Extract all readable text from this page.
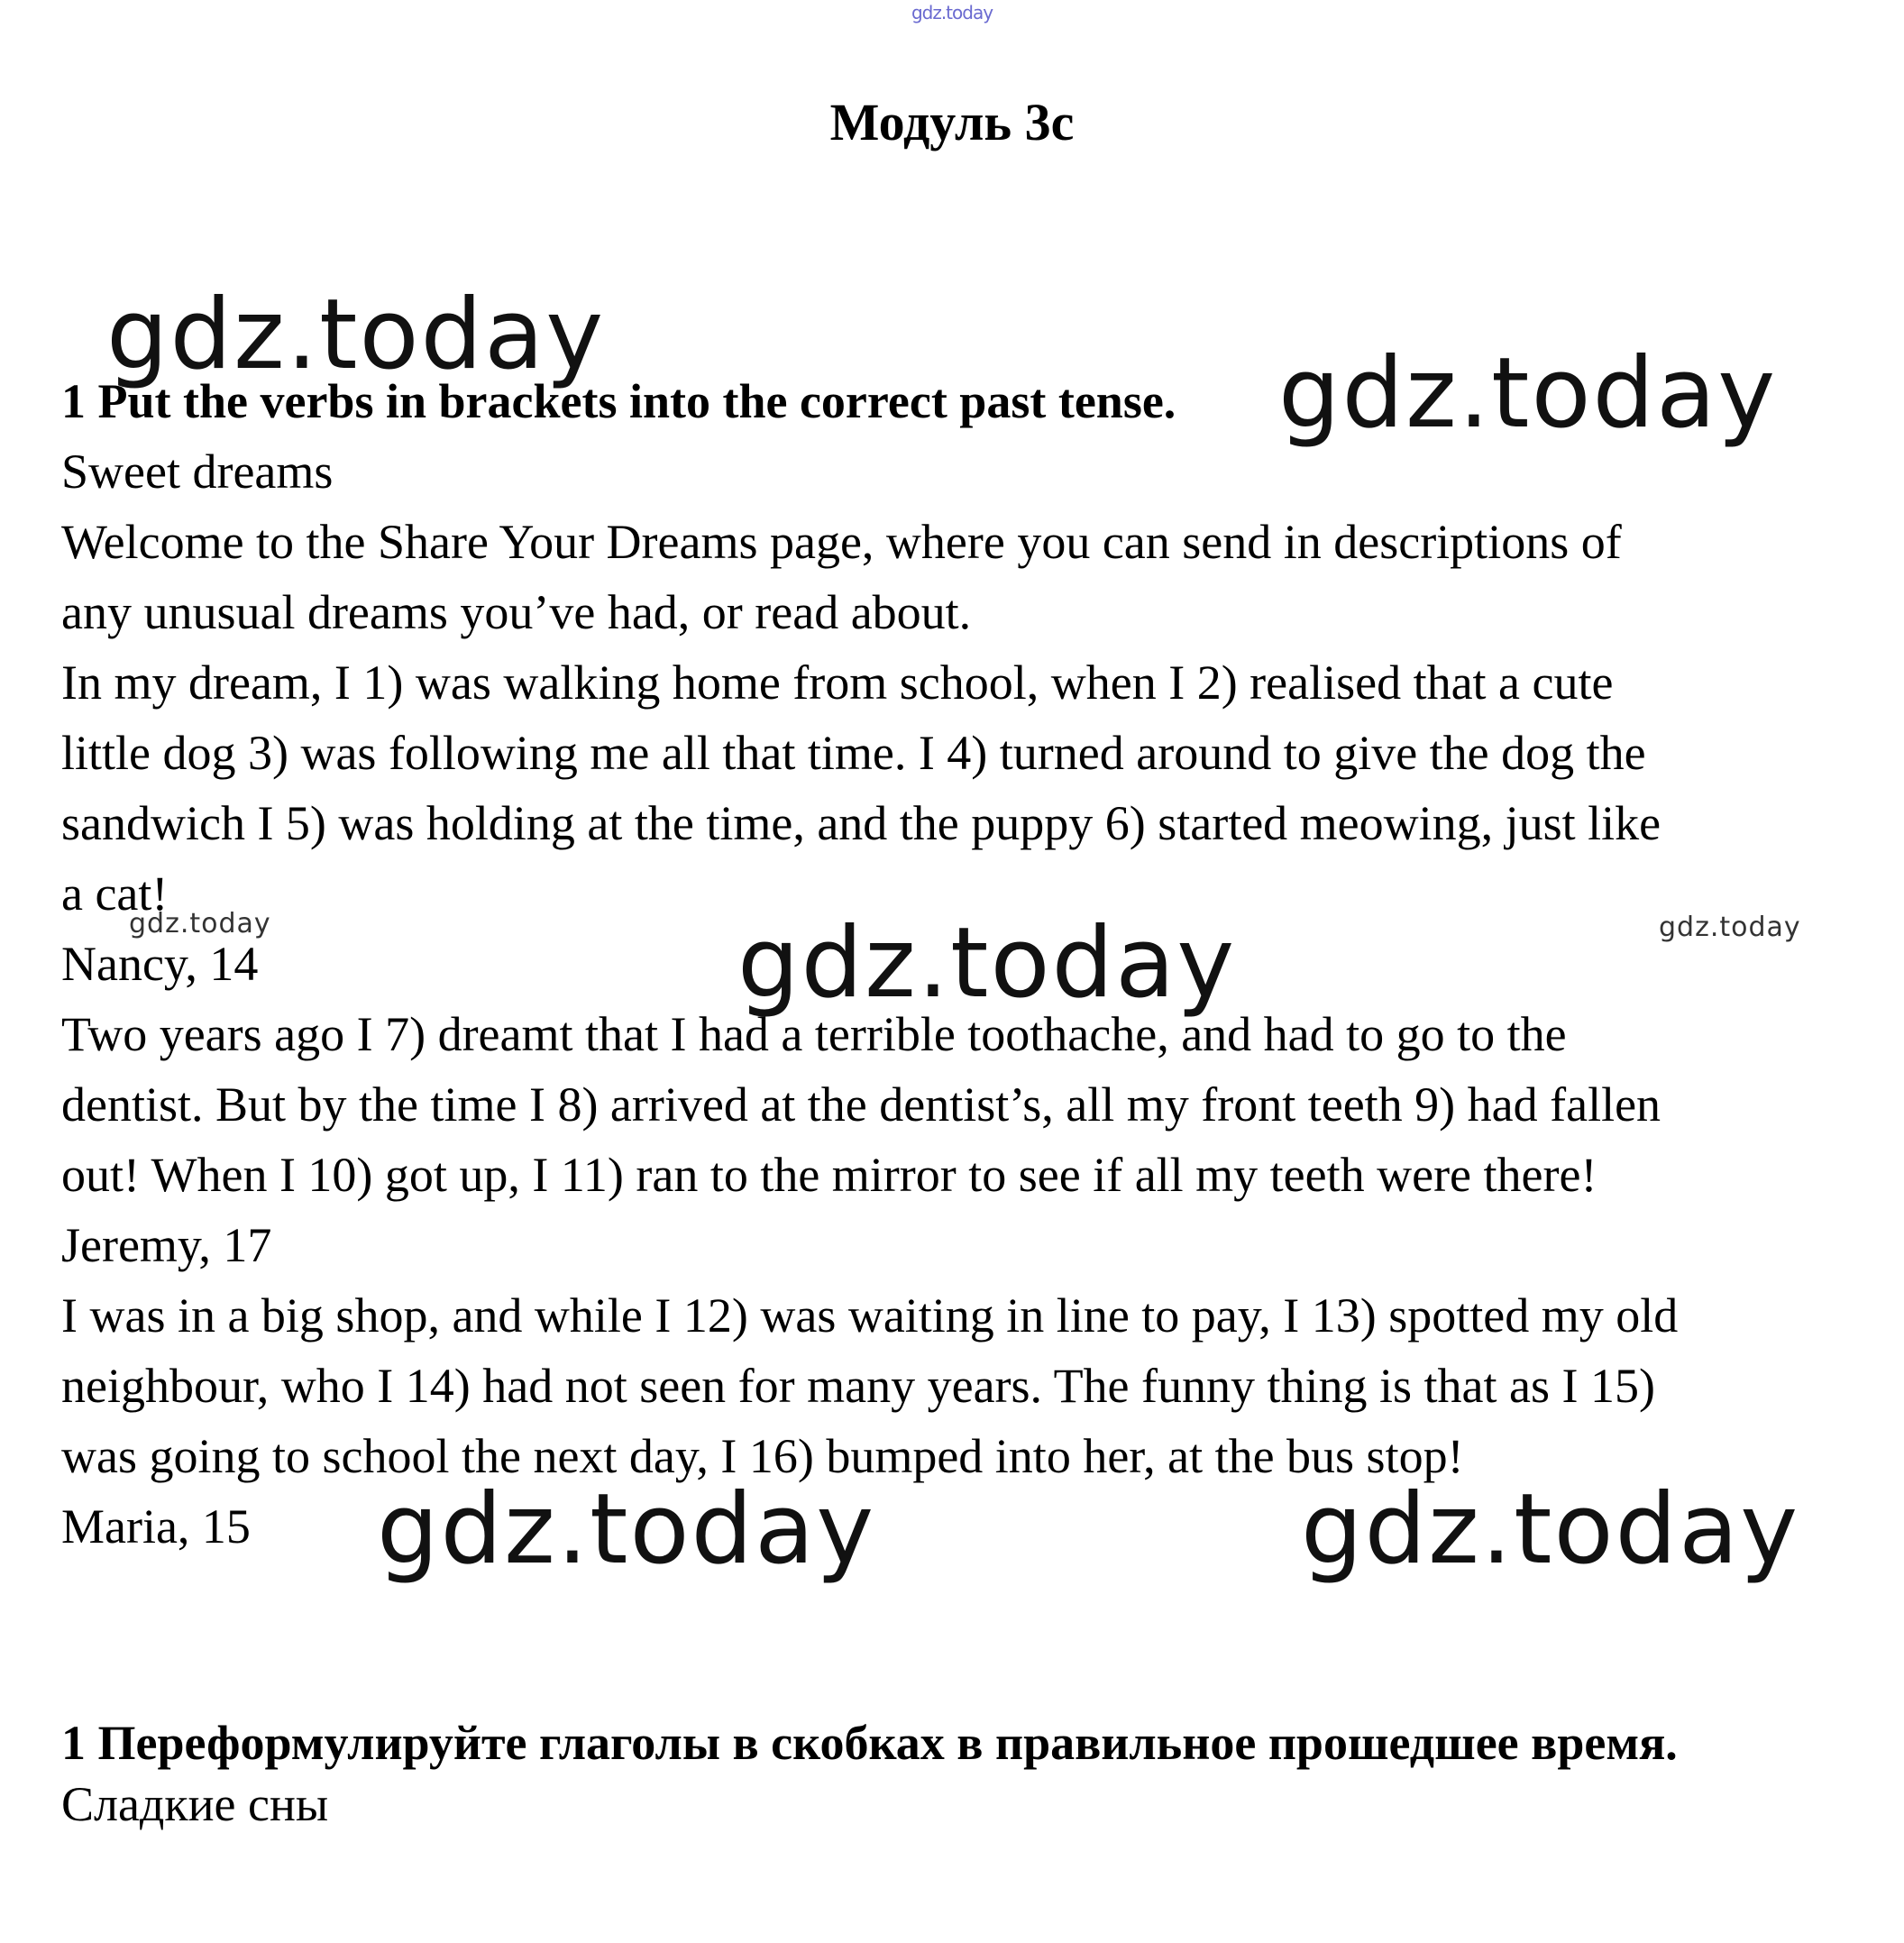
gdz.today
Модуль 3с
gdz.today
1 Put the verbs in brackets into the correct past tense. gdz.today
Sweet dreams
Welcome to the Share Your Dreams page, where you can send in descriptions of
any unusual dreams you’ve had, or read about.
In my dream, I 1) was walking home from school, when I 2) realised that a cute
little dog 3) was following me all that time. I 4) turned around to give the dog the
sandwich I 5) was holding at the time, and the puppy 6) started meowing, just like
a cat!
gdz.today	gdz.today
Nancy, 14	gdz.today
Two years ago I 7) dreamt that I had a terrible toothache, and had to go to the
dentist. But by the time I 8) arrived at the dentist’s, all my front teeth 9) had fallen
out! When I 10) got up, I 11) ran to the mirror to see if all my teeth were there!
Jeremy, 17
I was in a big shop, and while I 12) was waiting in line to pay, I 13) spotted my old
neighbour, who I 14) had not seen for many years. The funny thing is that as I 15)
was going to school the next day, I 16) bumped into her, at the bus stop!
Maria, 15 gdz.today	gdz.today
1 Переформулируйте глаголы в скобках в правильное прошедшее время.
Сладкие сны
